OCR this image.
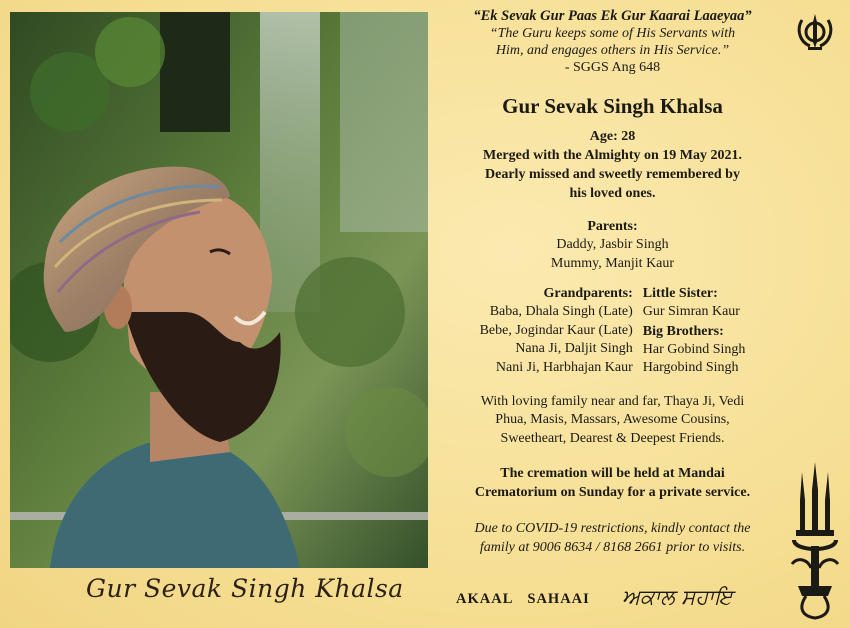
Gur Sevak Singh Khalsa
“Ek Sevak Gur Paas Ek Gur Kaarai Laaeyaa”
“The Guru keeps some of His Servants with
Him, and engages others in His Service.”
- SGGS Ang 648
Gur Sevak Singh Khalsa
Age: 28
Merged with the Almighty on 19 May 2021.
Dearly missed and sweetly remembered by
his loved ones.
Parents:
Daddy, Jasbir Singh
Mummy, Manjit Kaur
Grandparents:
Baba, Dhala Singh (Late)
Bebe, Jogindar Kaur (Late)
Nana Ji, Daljit Singh
Nani Ji, Harbhajan Kaur
Little Sister:
Gur Simran Kaur
Big Brothers:
Har Gobind Singh
Hargobind Singh
With loving family near and far, Thaya Ji, Vedi
Phua, Masis, Massars, Awesome Cousins,
Sweetheart, Dearest & Deepest Friends.
The cremation will be held at Mandai
Crematorium on Sunday for a private service.
Due to COVID-19 restrictions, kindly contact the
family at 9006 8634 / 8168 2661 prior to visits.
AKAAL SAHAAI	ਅਕਾਲ ਸਹਾਇ
